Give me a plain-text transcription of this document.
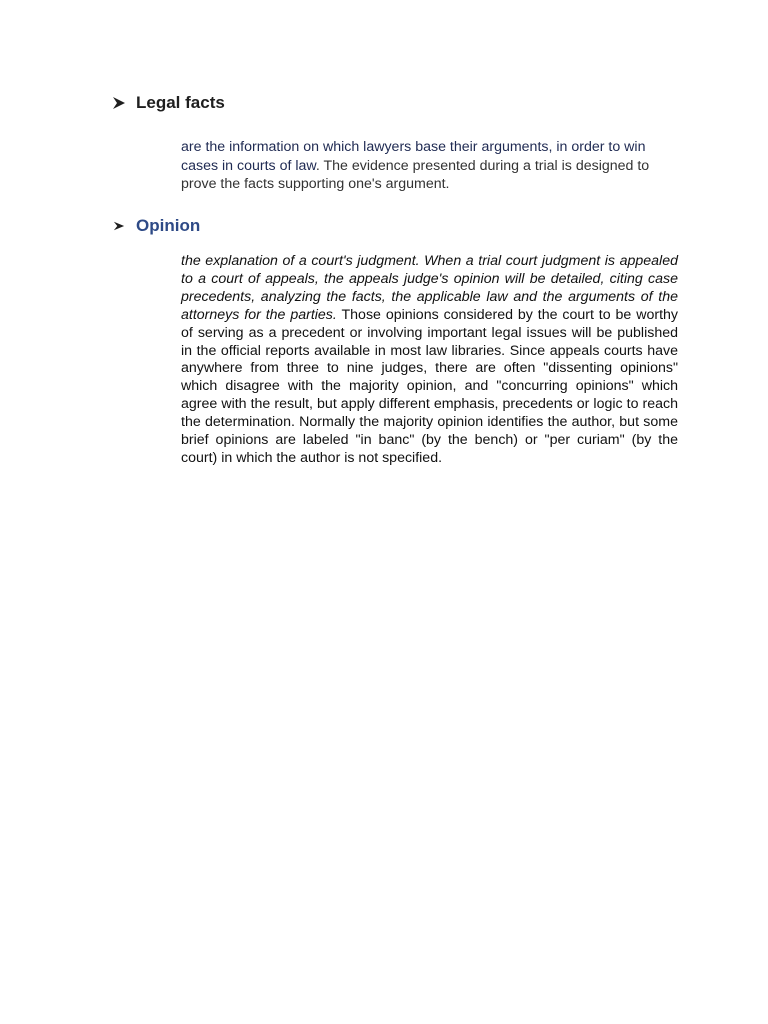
Legal facts

are the information on which lawyers base their arguments, in order to win cases in courts of law. The evidence presented during a trial is designed to prove the facts supporting one's argument.

Opinion

the explanation of a court's judgment. When a trial court judgment is appealed to a court of appeals, the appeals judge's opinion will be detailed, citing case precedents, analyzing the facts, the applicable law and the arguments of the attorneys for the parties. Those opinions considered by the court to be worthy of serving as a precedent or involving important legal issues will be published in the official reports available in most law libraries. Since appeals courts have anywhere from three to nine judges, there are often "dissenting opinions" which disagree with the majority opinion, and "concurring opinions" which agree with the result, but apply different emphasis, precedents or logic to reach the determination. Normally the majority opinion identifies the author, but some brief opinions are labeled "in banc" (by the bench) or "per curiam" (by the court) in which the author is not specified.
